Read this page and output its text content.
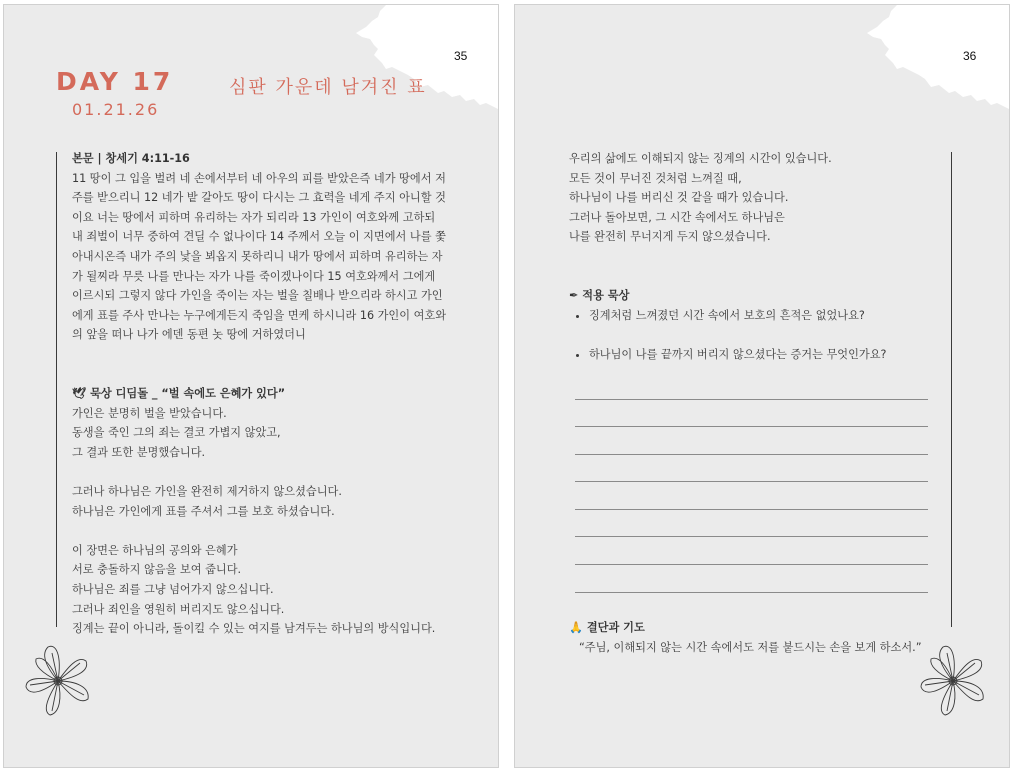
35
DAY 17
01.21.26
심판 가운데 남겨진 표

본문 | 창세기 4:11-16

11 땅이 그 입을 벌려 네 손에서부터 네 아우의 피를 받았은즉 네가 땅에서 저

주를 받으리니 12 네가 밭 갈아도 땅이 다시는 그 효력을 네게 주지 아니할 것

이요 너는 땅에서 피하며 유리하는 자가 되리라 13 가인이 여호와께 고하되

내 죄벌이 너무 중하여 견딜 수 없나이다 14 주께서 오늘 이 지면에서 나를 쫓

아내시온즉 내가 주의 낯을 뵈옵지 못하리니 내가 땅에서 피하며 유리하는 자

가 될찌라 무릇 나를 만나는 자가 나를 죽이겠나이다 15 여호와께서 그에게

이르시되 그렇지 않다 가인을 죽이는 자는 벌을 칠배나 받으리라 하시고 가인

에게 표를 주사 만나는 누구에게든지 죽임을 면케 하시니라 16 가인이 여호와

의 앞을 떠나 나가 에덴 동편 놋 땅에 거하였더니

🕊 묵상 디딤돌 _ “벌 속에도 은혜가 있다”

가인은 분명히 벌을 받았습니다.

동생을 죽인 그의 죄는 결코 가볍지 않았고,

그 결과 또한 분명했습니다.

그러나 하나님은 가인을 완전히 제거하지 않으셨습니다.

하나님은 가인에게 표를 주셔서 그를 보호 하셨습니다.

이 장면은 하나님의 공의와 은혜가

서로 충돌하지 않음을 보여 줍니다.

하나님은 죄를 그냥 넘어가지 않으십니다.

그러나 죄인을 영원히 버리지도 않으십니다.

징계는 끝이 아니라, 돌이킬 수 있는 여지를 남겨두는 하나님의 방식입니다.

36

우리의 삶에도 이해되지 않는 징계의 시간이 있습니다.

모든 것이 무너진 것처럼 느껴질 때,

하나님이 나를 버리신 것 같을 때가 있습니다.

그러나 돌아보면, 그 시간 속에서도 하나님은

나를 완전히 무너지게 두지 않으셨습니다.

✒ 적용 묵상

• 징계처럼 느껴졌던 시간 속에서 보호의 흔적은 없었나요?

• 하나님이 나를 끝까지 버리지 않으셨다는 증거는 무엇인가요?

🙏 결단과 기도

“주님, 이해되지 않는 시간 속에서도 저를 붙드시는 손을 보게 하소서.”
